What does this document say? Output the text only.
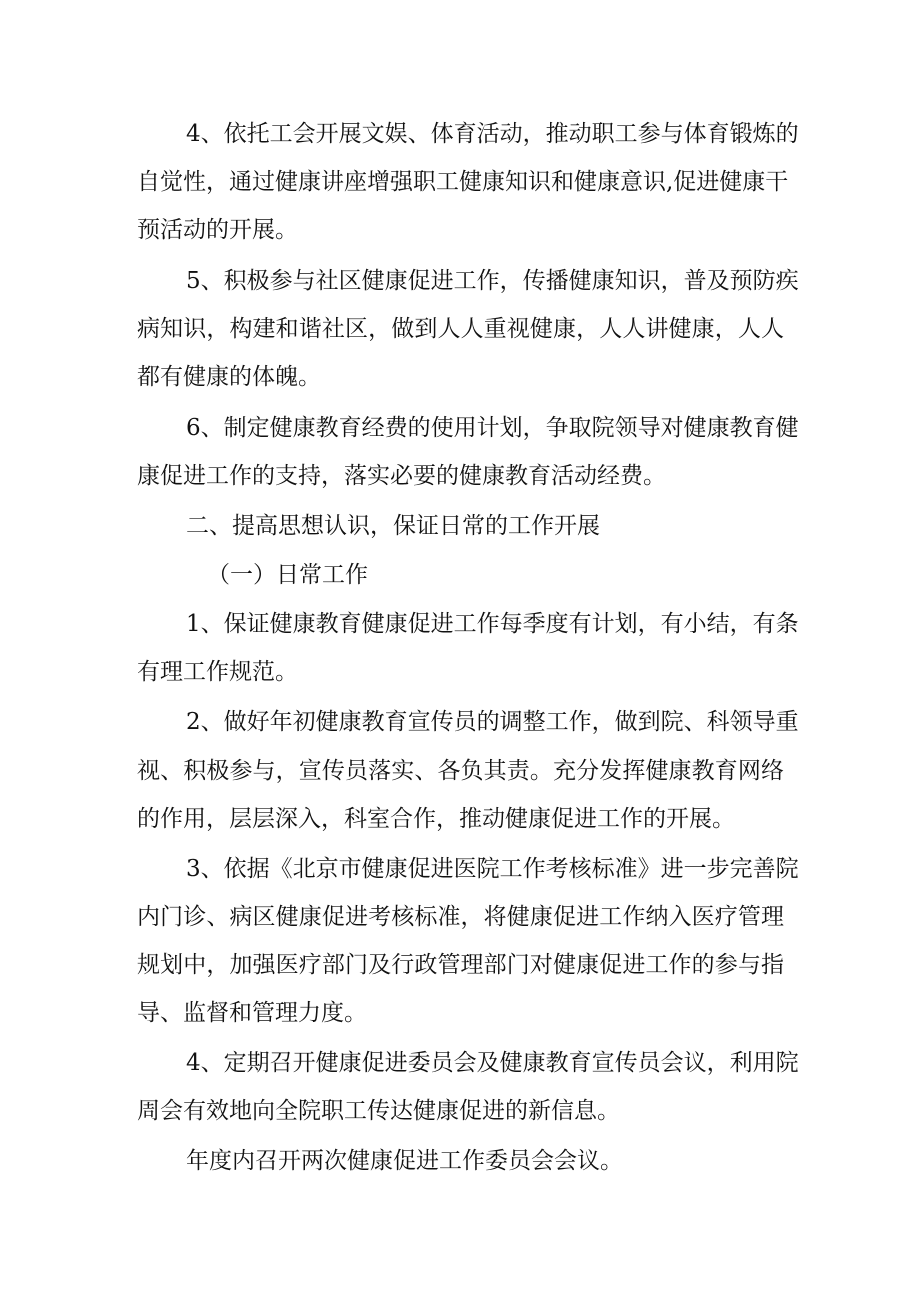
4、依托工会开展文娱、体育活动，推动职工参与体育锻炼的
自觉性，通过健康讲座增强职工健康知识和健康意识,促进健康干
预活动的开展。
5、积极参与社区健康促进工作，传播健康知识，普及预防疾
病知识，构建和谐社区，做到人人重视健康，人人讲健康，人人
都有健康的体魄。
6、制定健康教育经费的使用计划，争取院领导对健康教育健
康促进工作的支持，落实必要的健康教育活动经费。
二、提高思想认识，保证日常的工作开展
（一）日常工作
1、保证健康教育健康促进工作每季度有计划，有小结，有条
有理工作规范。
2、做好年初健康教育宣传员的调整工作，做到院、科领导重
视、积极参与，宣传员落实、各负其责。充分发挥健康教育网络
的作用，层层深入，科室合作，推动健康促进工作的开展。
3、依据《北京市健康促进医院工作考核标准》进一步完善院
内门诊、病区健康促进考核标准，将健康促进工作纳入医疗管理
规划中，加强医疗部门及行政管理部门对健康促进工作的参与指
导、监督和管理力度。
4、定期召开健康促进委员会及健康教育宣传员会议，利用院
周会有效地向全院职工传达健康促进的新信息。
年度内召开两次健康促进工作委员会会议。
